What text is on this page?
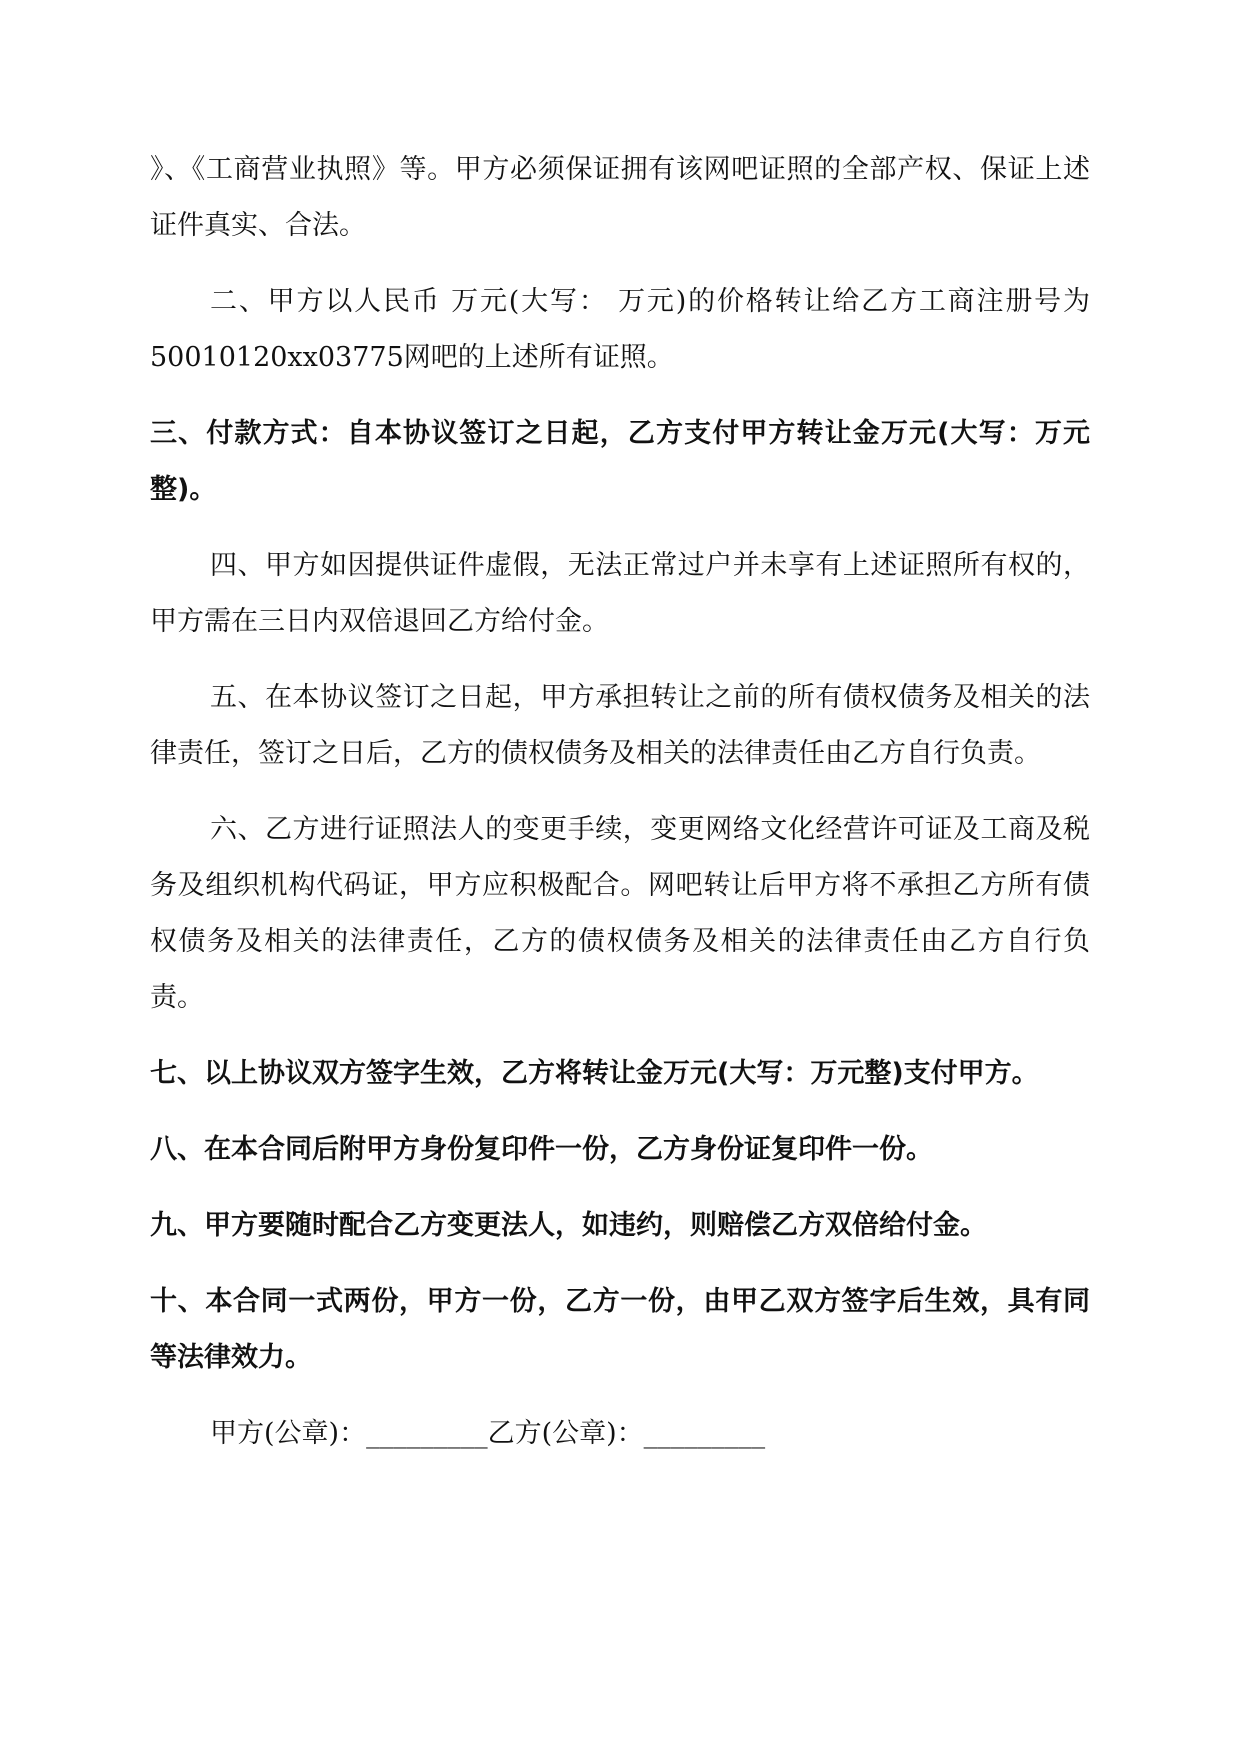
》、《工商营业执照》等。甲方必须保证拥有该网吧证照的全部产权、保证上述证件真实、合法。

二、甲方以人民币 万元(大写： 万元)的价格转让给乙方工商注册号为50010120xx03775网吧的上述所有证照。

三、付款方式：自本协议签订之日起，乙方支付甲方转让金万元(大写：万元整)。

四、甲方如因提供证件虚假，无法正常过户并未享有上述证照所有权的，甲方需在三日内双倍退回乙方给付金。

五、在本协议签订之日起，甲方承担转让之前的所有债权债务及相关的法律责任，签订之日后，乙方的债权债务及相关的法律责任由乙方自行负责。

六、乙方进行证照法人的变更手续，变更网络文化经营许可证及工商及税务及组织机构代码证，甲方应积极配合。网吧转让后甲方将不承担乙方所有债权债务及相关的法律责任，乙方的债权债务及相关的法律责任由乙方自行负责。

七、以上协议双方签字生效，乙方将转让金万元(大写：万元整)支付甲方。

八、在本合同后附甲方身份复印件一份，乙方身份证复印件一份。

九、甲方要随时配合乙方变更法人，如违约，则赔偿乙方双倍给付金。

十、本合同一式两份，甲方一份，乙方一份，由甲乙双方签字后生效，具有同等法律效力。

甲方(公章)：_________乙方(公章)：_________
